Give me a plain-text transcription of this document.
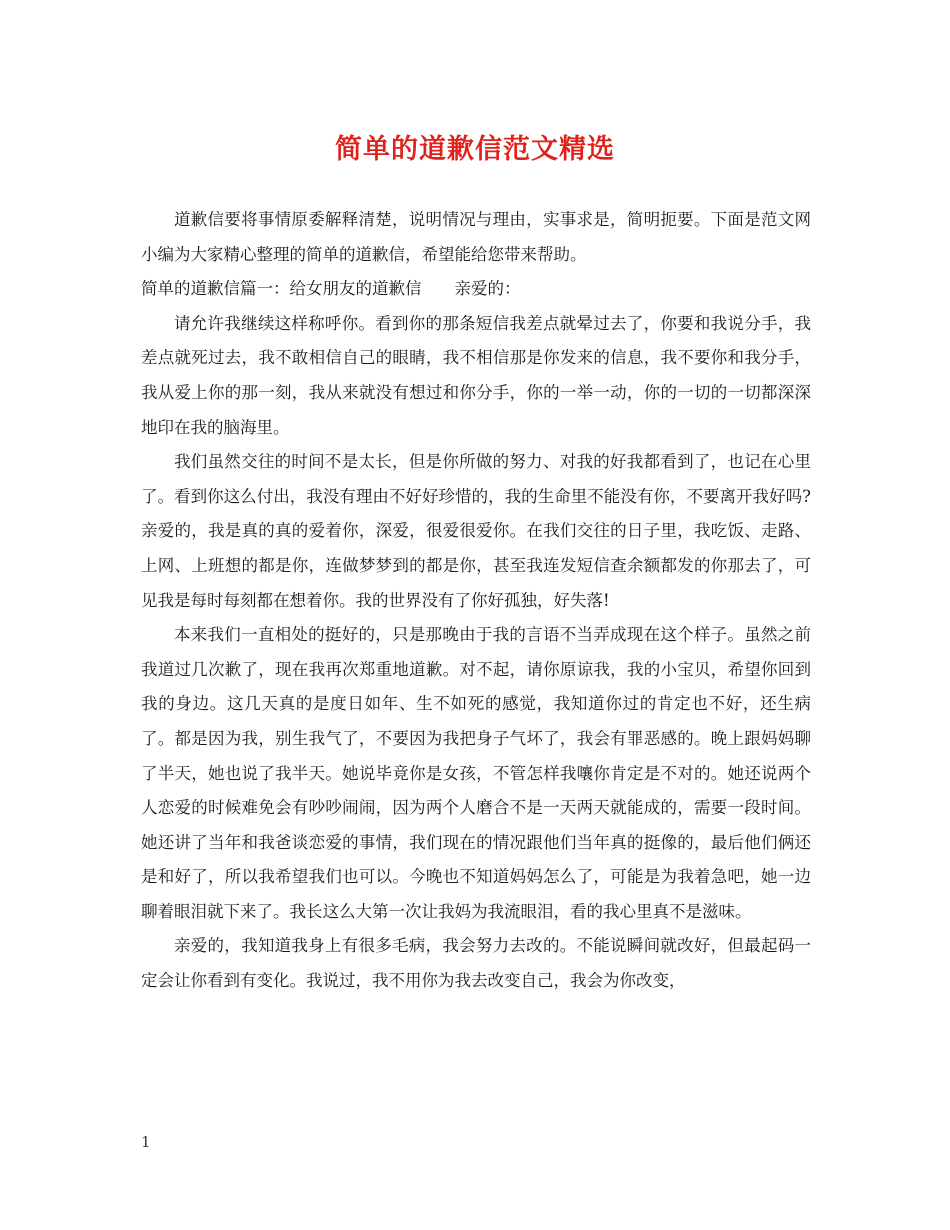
简单的道歉信范文精选

道歉信要将事情原委解释清楚，说明情况与理由，实事求是，简明扼要。下面是范文网小编为大家精心整理的简单的道歉信，希望能给您带来帮助。

简单的道歉信篇一：给女朋友的道歉信　　亲爱的：

请允许我继续这样称呼你。看到你的那条短信我差点就晕过去了，你要和我说分手，我差点就死过去，我不敢相信自己的眼睛，我不相信那是你发来的信息，我不要你和我分手，我从爱上你的那一刻，我从来就没有想过和你分手，你的一举一动，你的一切的一切都深深地印在我的脑海里。

我们虽然交往的时间不是太长，但是你所做的努力、对我的好我都看到了，也记在心里了。看到你这么付出，我没有理由不好好珍惜的，我的生命里不能没有你，不要离开我好吗?亲爱的，我是真的真的爱着你，深爱，很爱很爱你。在我们交往的日子里，我吃饭、走路、上网、上班想的都是你，连做梦梦到的都是你，甚至我连发短信查余额都发的你那去了，可见我是每时每刻都在想着你。我的世界没有了你好孤独，好失落!

本来我们一直相处的挺好的，只是那晚由于我的言语不当弄成现在这个样子。虽然之前我道过几次歉了，现在我再次郑重地道歉。对不起，请你原谅我，我的小宝贝，希望你回到我的身边。这几天真的是度日如年、生不如死的感觉，我知道你过的肯定也不好，还生病了。都是因为我，别生我气了，不要因为我把身子气坏了，我会有罪恶感的。晚上跟妈妈聊了半天，她也说了我半天。她说毕竟你是女孩，不管怎样我嚷你肯定是不对的。她还说两个人恋爱的时候难免会有吵吵闹闹，因为两个人磨合不是一天两天就能成的，需要一段时间。她还讲了当年和我爸谈恋爱的事情，我们现在的情况跟他们当年真的挺像的，最后他们俩还是和好了，所以我希望我们也可以。今晚也不知道妈妈怎么了，可能是为我着急吧，她一边聊着眼泪就下来了。我长这么大第一次让我妈为我流眼泪，看的我心里真不是滋味。

亲爱的，我知道我身上有很多毛病，我会努力去改的。不能说瞬间就改好，但最起码一定会让你看到有变化。我说过，我不用你为我去改变自己，我会为你改变，

1
